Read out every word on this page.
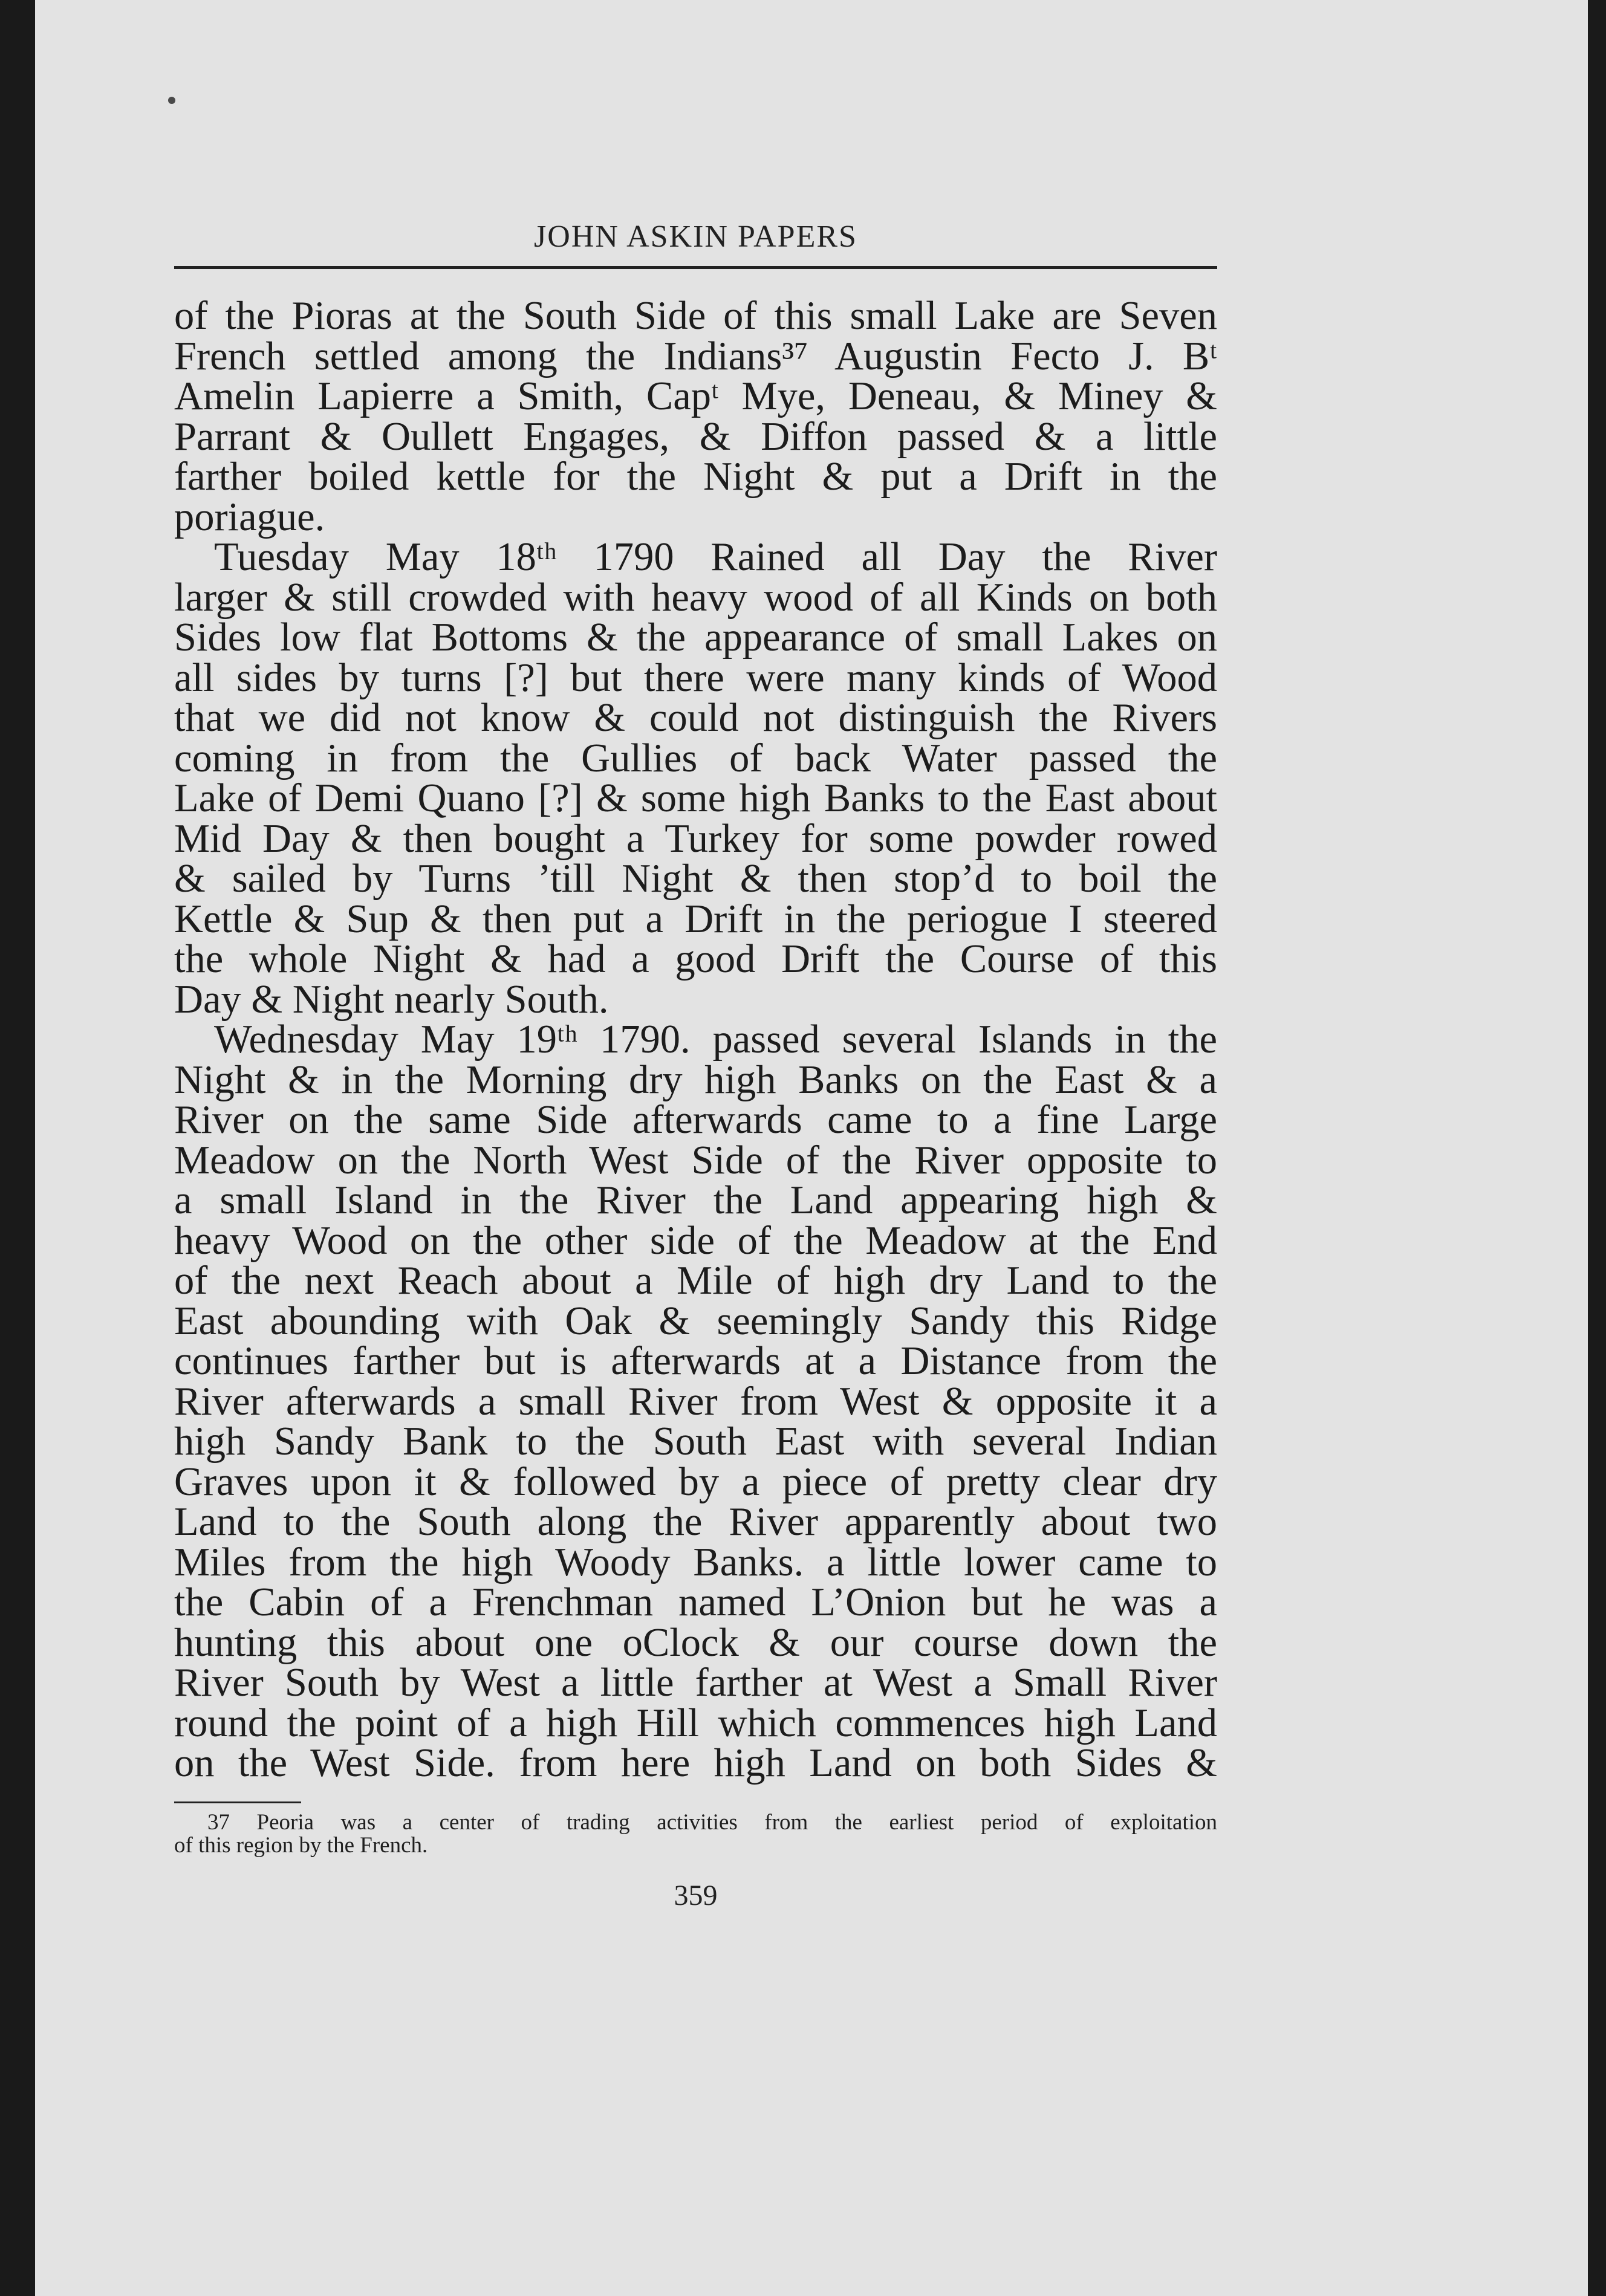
JOHN ASKIN PAPERS
of the Pioras at the South Side of this small Lake are Seven
French settled among the Indians³⁷ Augustin Fecto J. Bᵗ
Amelin Lapierre a Smith, Capᵗ Mye, Deneau, & Miney &
Parrant & Oullett Engages, & Diffon passed & a little
farther boiled kettle for the Night & put a Drift in the
poriague.
Tuesday May 18ᵗʰ 1790 Rained all Day the River
larger & still crowded with heavy wood of all Kinds on both
Sides low flat Bottoms & the appearance of small Lakes on
all sides by turns [?] but there were many kinds of Wood
that we did not know & could not distinguish the Rivers
coming in from the Gullies of back Water passed the
Lake of Demi Quano [?] & some high Banks to the East about
Mid Day & then bought a Turkey for some powder rowed
& sailed by Turns ’till Night & then stop’d to boil the
Kettle & Sup & then put a Drift in the periogue I steered
the whole Night & had a good Drift the Course of this
Day & Night nearly South.
Wednesday May 19ᵗʰ 1790. passed several Islands in the
Night & in the Morning dry high Banks on the East & a
River on the same Side afterwards came to a fine Large
Meadow on the North West Side of the River opposite to
a small Island in the River the Land appearing high &
heavy Wood on the other side of the Meadow at the End
of the next Reach about a Mile of high dry Land to the
East abounding with Oak & seemingly Sandy this Ridge
continues farther but is afterwards at a Distance from the
River afterwards a small River from West & opposite it a
high Sandy Bank to the South East with several Indian
Graves upon it & followed by a piece of pretty clear dry
Land to the South along the River apparently about two
Miles from the high Woody Banks. a little lower came to
the Cabin of a Frenchman named L’Onion but he was a
hunting this about one oClock & our course down the
River South by West a little farther at West a Small River
round the point of a high Hill which commences high Land
on the West Side. from here high Land on both Sides &
37 Peoria was a center of trading activities from the earliest period of exploitation
of this region by the French.
359
